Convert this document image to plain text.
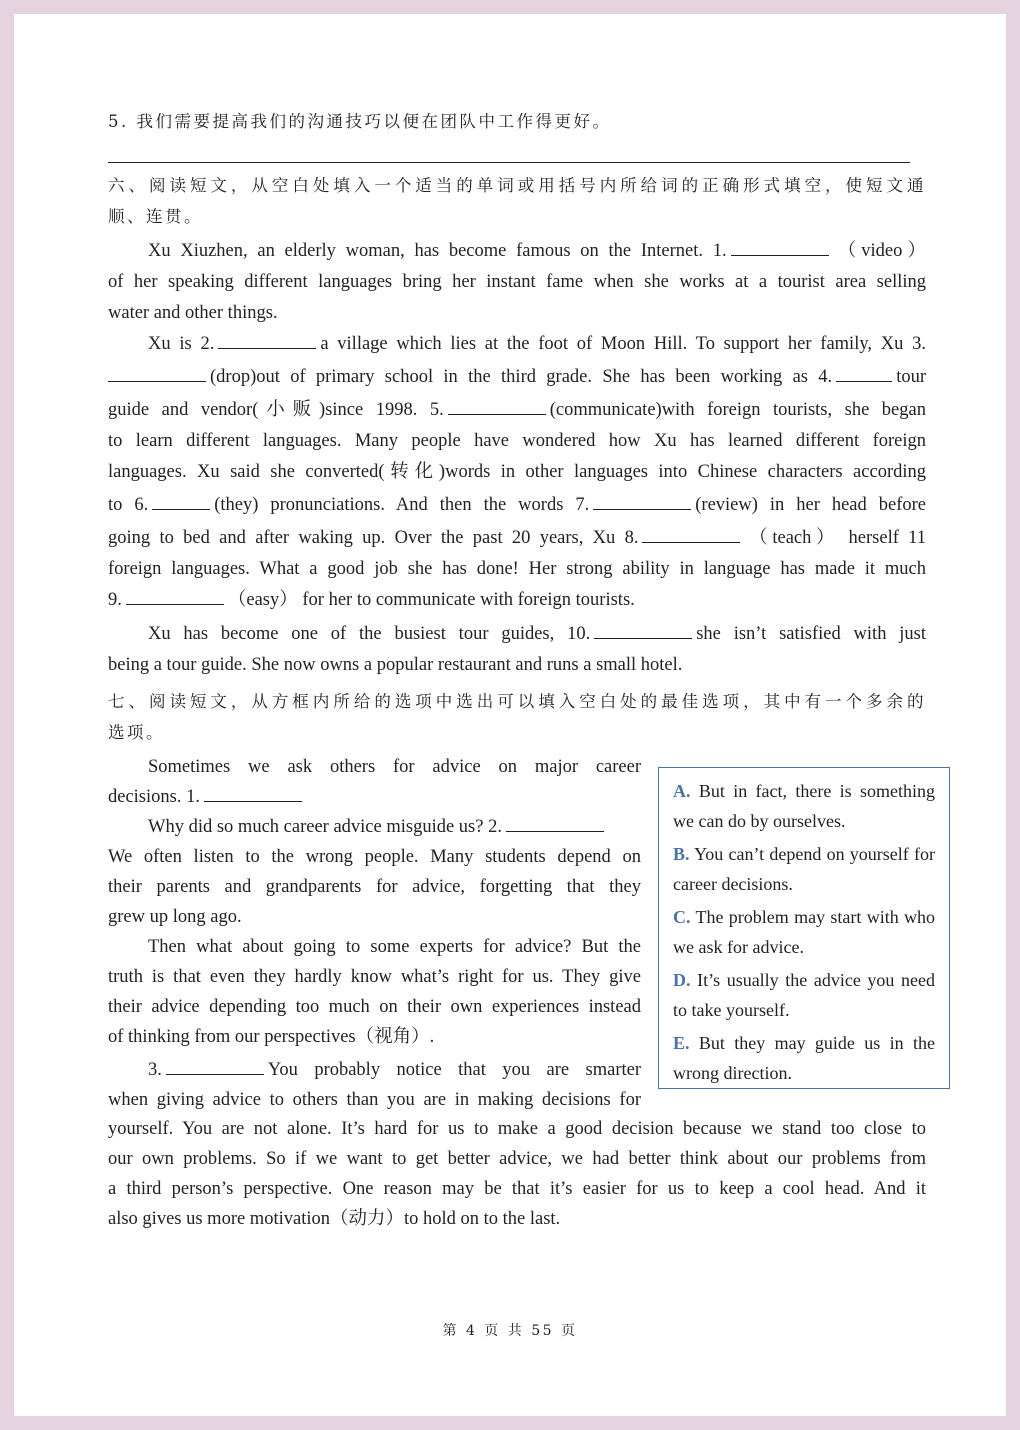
5. 我们需要提高我们的沟通技巧以便在团队中工作得更好。
六、阅读短文，从空白处填入一个适当的单词或用括号内所给词的正确形式填空，使短文通
顺、连贯。
Xu Xiuzhen, an elderly woman, has become famous on the Internet. 1.	（video）
of her speaking different languages bring her instant fame when she works at a tourist area selling
water and other things.
Xu is 2.	a village which lies at the foot of Moon Hill. To support her family, Xu 3.
(drop)out of primary school in the third grade. She has been working as 4.	tour
guide and vendor(小贩)since 1998. 5.	(communicate)with foreign tourists, she began
to learn different languages. Many people have wondered how Xu has learned different foreign
languages. Xu said she converted(转化)words in other languages into Chinese characters according
to 6.	(they) pronunciations. And then the words 7.	(review) in her head before
going to bed and after waking up. Over the past 20 years, Xu 8.	（teach） herself 11
foreign languages. What a good job she has done! Her strong ability in language has made it much
9.	（easy） for her to communicate with foreign tourists.
Xu has become one of the busiest tour guides, 10.	she isn’t satisfied with just
being a tour guide. She now owns a popular restaurant and runs a small hotel.
七、阅读短文，从方框内所给的选项中选出可以填入空白处的最佳选项，其中有一个多余的
选项。
Sometimes we ask others for advice on major career
decisions. 1.
Why did so much career advice misguide us? 2.
We often listen to the wrong people. Many students depend on
their parents and grandparents for advice, forgetting that they
grew up long ago.
Then what about going to some experts for advice? But the
truth is that even they hardly know what’s right for us. They give
their advice depending too much on their own experiences instead
of thinking from our perspectives（视角）.
3.	You probably notice that you are smarter
when giving advice to others than you are in making decisions for
yourself. You are not alone. It’s hard for us to make a good decision because we stand too close to
our own problems. So if we want to get better advice, we had better think about our problems from
a third person’s perspective. One reason may be that it’s easier for us to keep a cool head. And it
also gives us more motivation（动力）to hold on to the last.
A. But in fact, there is something we can do by ourselves.
B. You can’t depend on yourself for career decisions.
C. The problem may start with who we ask for advice.
D. It’s usually the advice you need to take yourself.
E. But they may guide us in the wrong direction.
第 4 页 共 55 页
